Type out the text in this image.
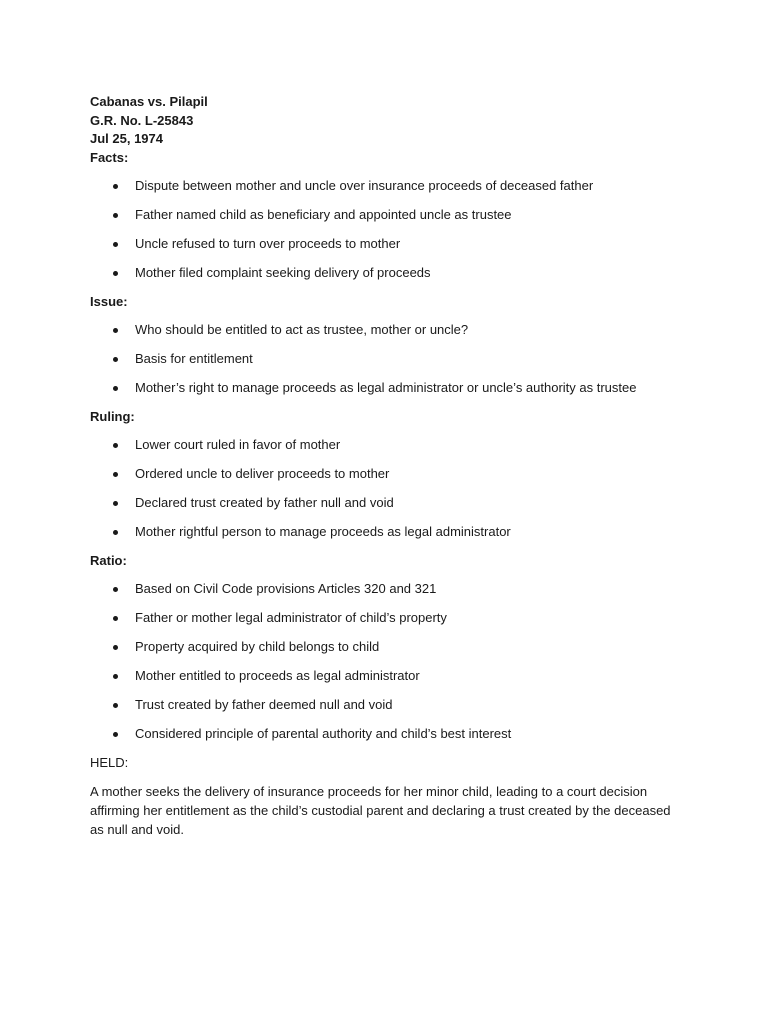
Cabanas vs. Pilapil
G.R. No. L-25843
Jul 25, 1974
Facts:
Dispute between mother and uncle over insurance proceeds of deceased father
Father named child as beneficiary and appointed uncle as trustee
Uncle refused to turn over proceeds to mother
Mother filed complaint seeking delivery of proceeds
Issue:
Who should be entitled to act as trustee, mother or uncle?
Basis for entitlement
Mother’s right to manage proceeds as legal administrator or uncle’s authority as trustee
Ruling:
Lower court ruled in favor of mother
Ordered uncle to deliver proceeds to mother
Declared trust created by father null and void
Mother rightful person to manage proceeds as legal administrator
Ratio:
Based on Civil Code provisions Articles 320 and 321
Father or mother legal administrator of child’s property
Property acquired by child belongs to child
Mother entitled to proceeds as legal administrator
Trust created by father deemed null and void
Considered principle of parental authority and child’s best interest
HELD:
A mother seeks the delivery of insurance proceeds for her minor child, leading to a court decision affirming her entitlement as the child’s custodial parent and declaring a trust created by the deceased as null and void.
